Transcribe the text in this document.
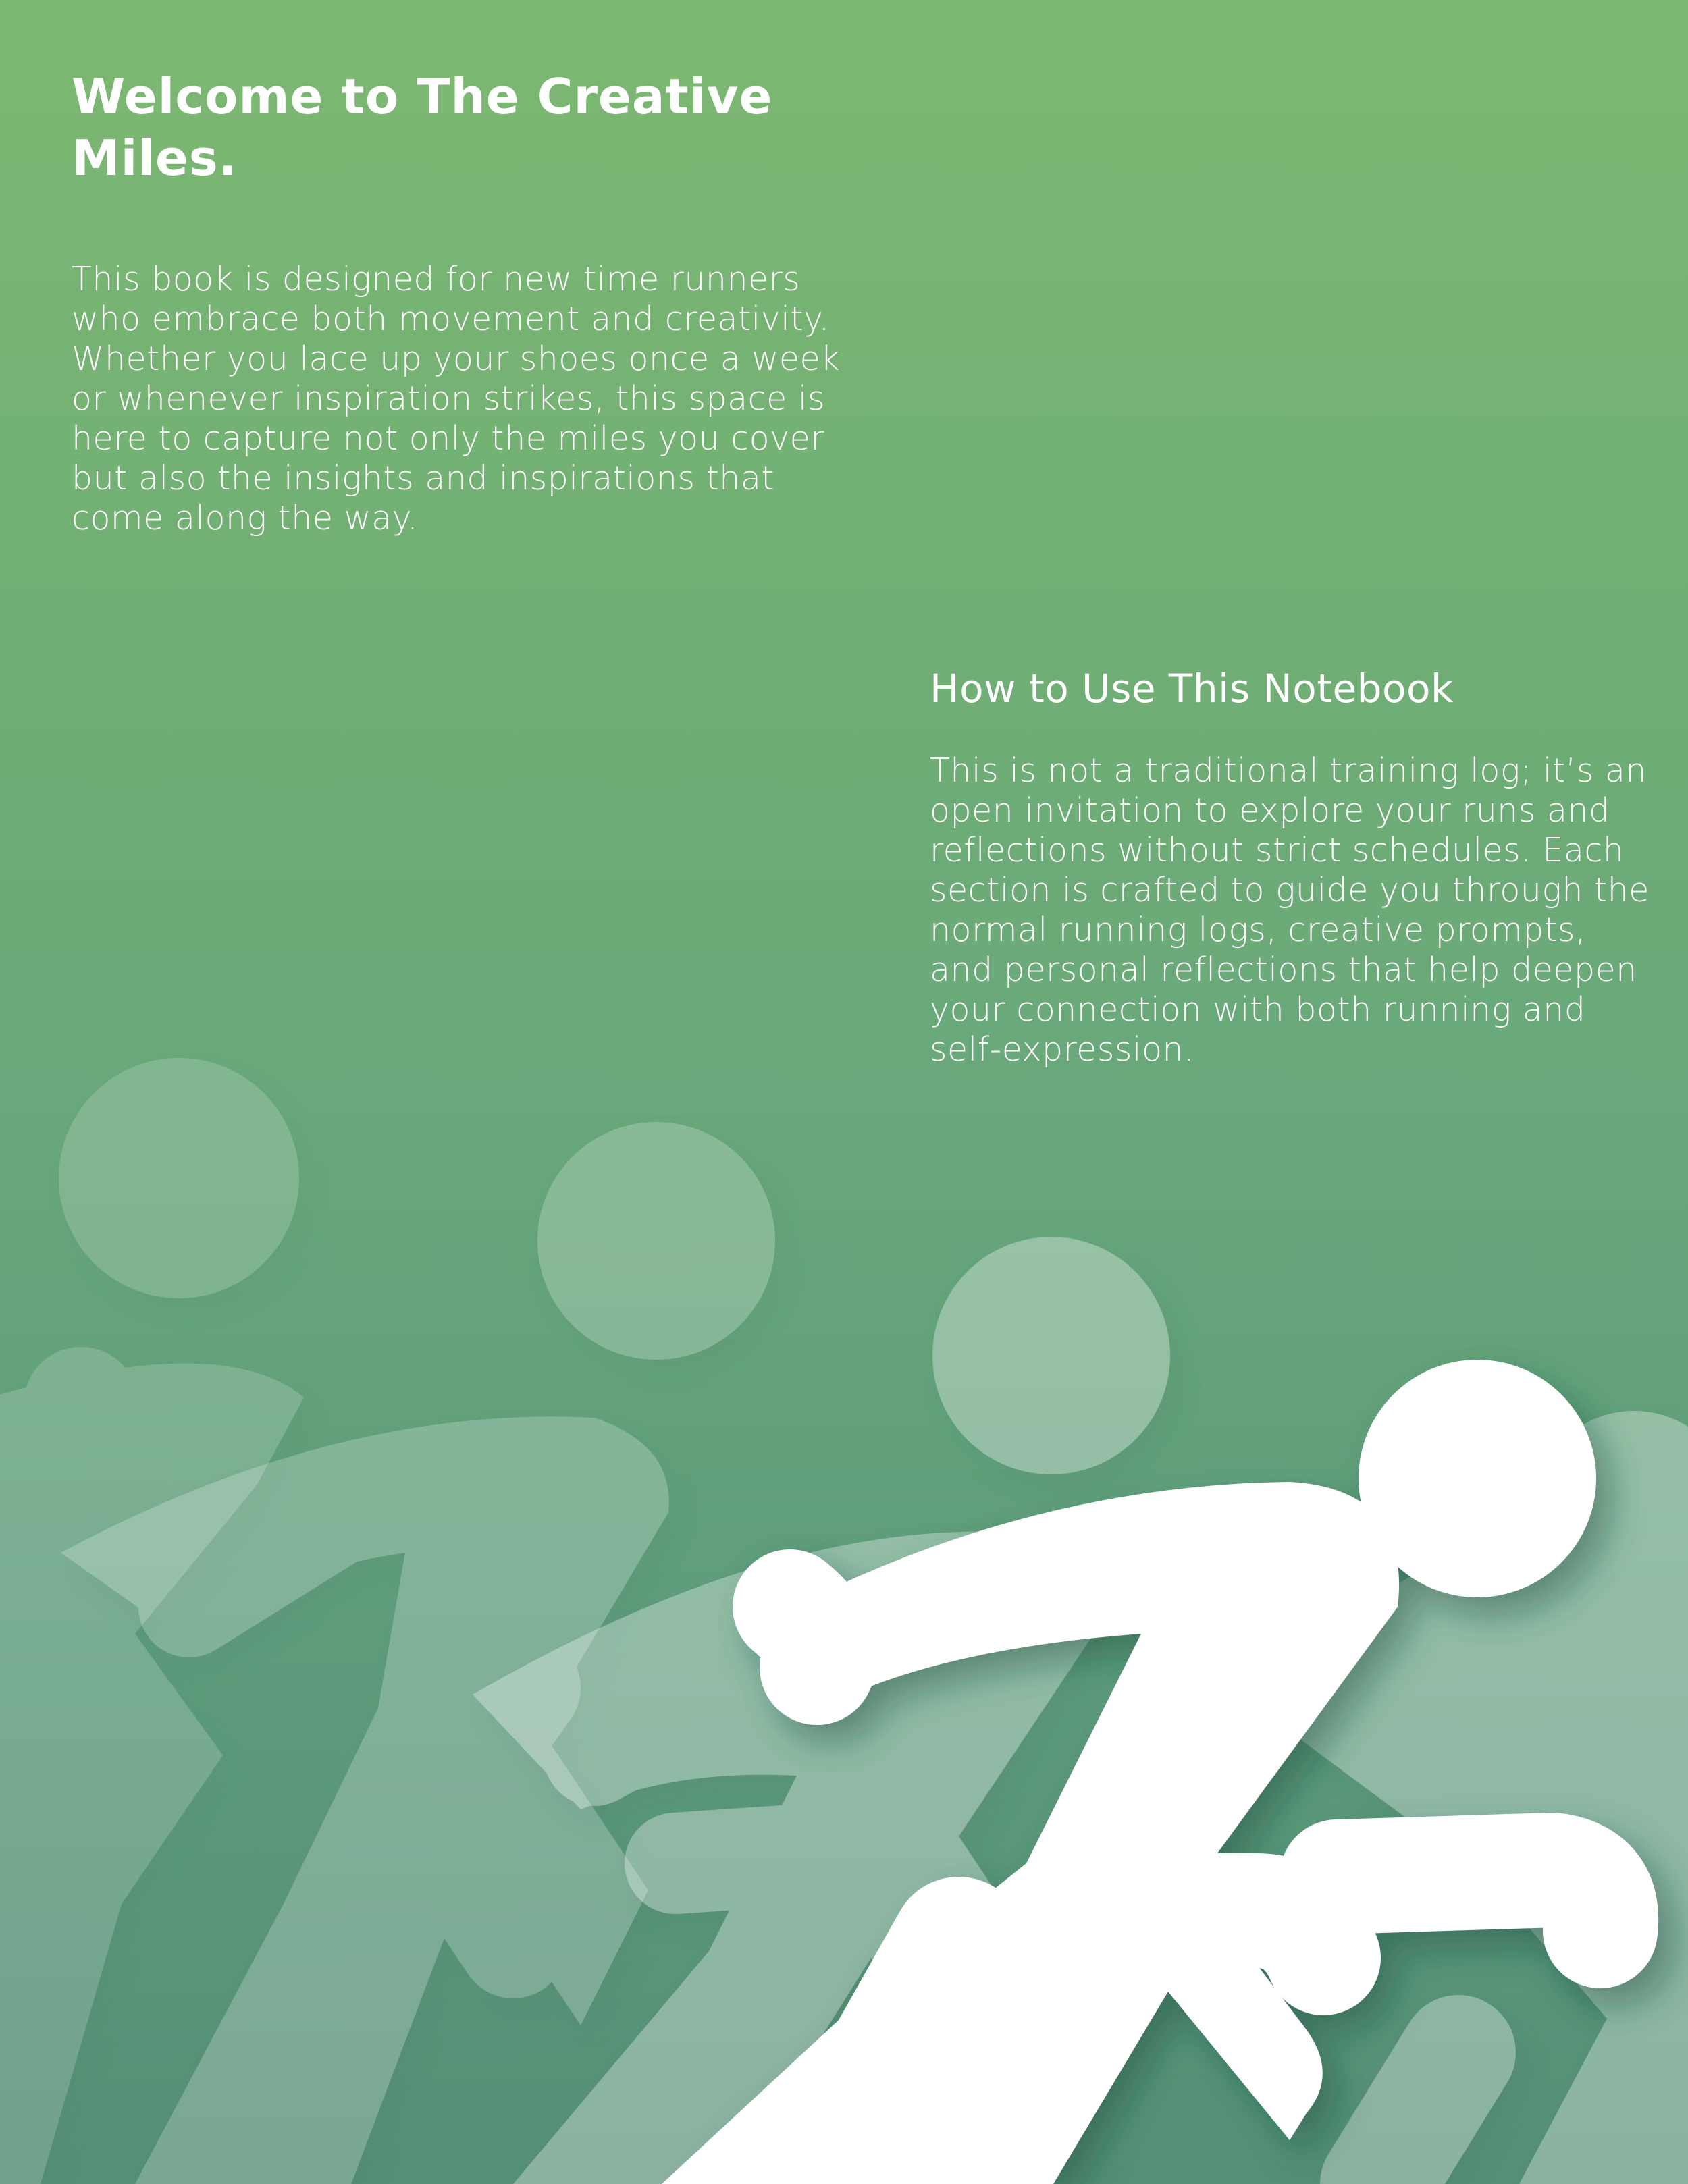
Welcome to The Creative Miles.

This book is designed for new time runners who embrace both movement and creativity. Whether you lace up your shoes once a week or whenever inspiration strikes, this space is here to capture not only the miles you cover but also the insights and inspirations that come along the way.

How to Use This Notebook

This is not a traditional training log; it’s an open invitation to explore your runs and reflections without strict schedules. Each section is crafted to guide you through the normal running logs, creative prompts, and personal reflections that help deepen your connection with both running and self-expression.
